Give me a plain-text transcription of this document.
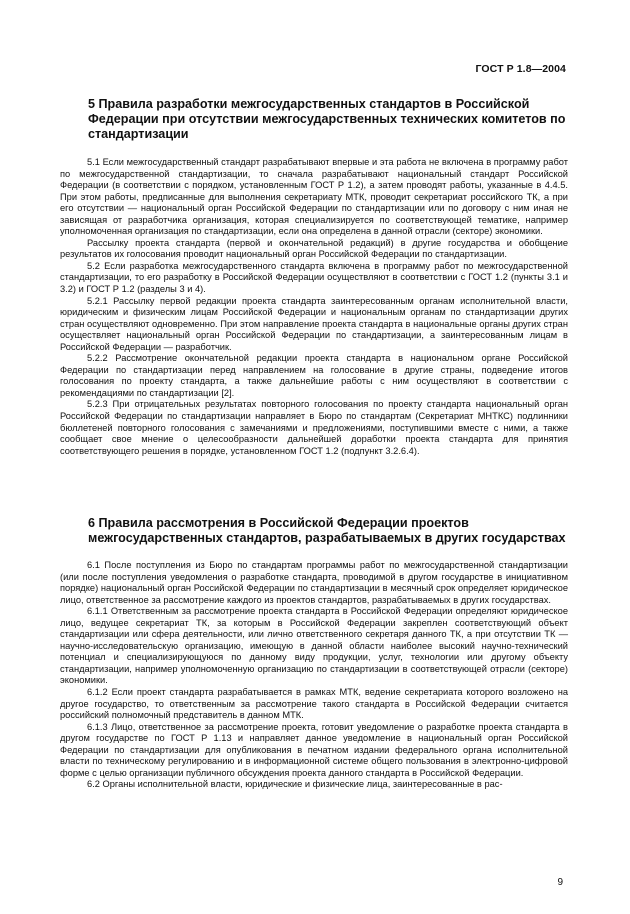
ГОСТ Р 1.8—2004
5 Правила разработки межгосударственных стандартов в Российской Федерации при отсутствии межгосударственных технических комитетов по стандартизации

5.1 Если межгосударственный стандарт разрабатывают впервые и эта работа не включена в программу работ по межгосударственной стандартизации, то сначала разрабатывают национальный стандарт Российской Федерации (в соответствии с порядком, установленным ГОСТ Р 1.2), а затем проводят работы, указанные в 4.4.5. При этом работы, предписанные для выполнения секретариату МТК, проводит секретариат российского ТК, а при его отсутствии — национальный орган Российской Федерации по стандартизации или по договору с ним иная не зависящая от разработчика организация, которая специализируется по соответствующей тематике, например уполномоченная организация по стандартизации, если она определена в данной отрасли (секторе) экономики.

Рассылку проекта стандарта (первой и окончательной редакций) в другие государства и обобщение результатов их голосования проводит национальный орган Российской Федерации по стандартизации.

5.2 Если разработка межгосударственного стандарта включена в программу работ по межгосударственной стандартизации, то его разработку в Российской Федерации осуществляют в соответствии с ГОСТ 1.2 (пункты 3.1 и 3.2) и ГОСТ Р 1.2 (разделы 3 и 4).

5.2.1 Рассылку первой редакции проекта стандарта заинтересованным органам исполнительной власти, юридическим и физическим лицам Российской Федерации и национальным органам по стандартизации других стран осуществляют одновременно. При этом направление проекта стандарта в национальные органы других стран осуществляет национальный орган Российской Федерации по стандартизации, а заинтересованным лицам в Российской Федерации — разработчик.

5.2.2 Рассмотрение окончательной редакции проекта стандарта в национальном органе Российской Федерации по стандартизации перед направлением на голосование в другие страны, подведение итогов голосования по проекту стандарта, а также дальнейшие работы с ним осуществляют в соответствии с рекомендациями по стандартизации [2].

5.2.3 При отрицательных результатах повторного голосования по проекту стандарта национальный орган Российской Федерации по стандартизации направляет в Бюро по стандартам (Секретариат МНТКС) подлинники бюллетеней повторного голосования с замечаниями и предложениями, поступившими вместе с ними, а также сообщает свое мнение о целесообразности дальнейшей доработки проекта стандарта для принятия соответствующего решения в порядке, установленном ГОСТ 1.2 (подпункт 3.2.6.4).

6 Правила рассмотрения в Российской Федерации проектов межгосударственных стандартов, разрабатываемых в других государствах

6.1 После поступления из Бюро по стандартам программы работ по межгосударственной стандартизации (или после поступления уведомления о разработке стандарта, проводимой в другом государстве в инициативном порядке) национальный орган Российской Федерации по стандартизации в месячный срок определяет юридическое лицо, ответственное за рассмотрение каждого из проектов стандартов, разрабатываемых в других государствах.

6.1.1 Ответственным за рассмотрение проекта стандарта в Российской Федерации определяют юридическое лицо, ведущее секретариат ТК, за которым в Российской Федерации закреплен соответствующий объект стандартизации или сфера деятельности, или лично ответственного секретаря данного ТК, а при отсутствии ТК — научно-исследовательскую организацию, имеющую в данной области наиболее высокий научно-технический потенциал и специализирующуюся по данному виду продукции, услуг, технологии или другому объекту стандартизации, например уполномоченную организацию по стандартизации в соответствующей отрасли (секторе) экономики.

6.1.2 Если проект стандарта разрабатывается в рамках МТК, ведение секретариата которого возложено на другое государство, то ответственным за рассмотрение такого стандарта в Российской Федерации считается российский полномочный представитель в данном МТК.

6.1.3 Лицо, ответственное за рассмотрение проекта, готовит уведомление о разработке проекта стандарта в другом государстве по ГОСТ Р 1.13 и направляет данное уведомление в национальный орган Российской Федерации по стандартизации для опубликования в печатном издании федерального органа исполнительной власти по техническому регулированию и в информационной системе общего пользования в электронно-цифровой форме с целью организации публичного обсуждения проекта данного стандарта в Российской Федерации.

6.2 Органы исполнительной власти, юридические и физические лица, заинтересованные в рас-

9
